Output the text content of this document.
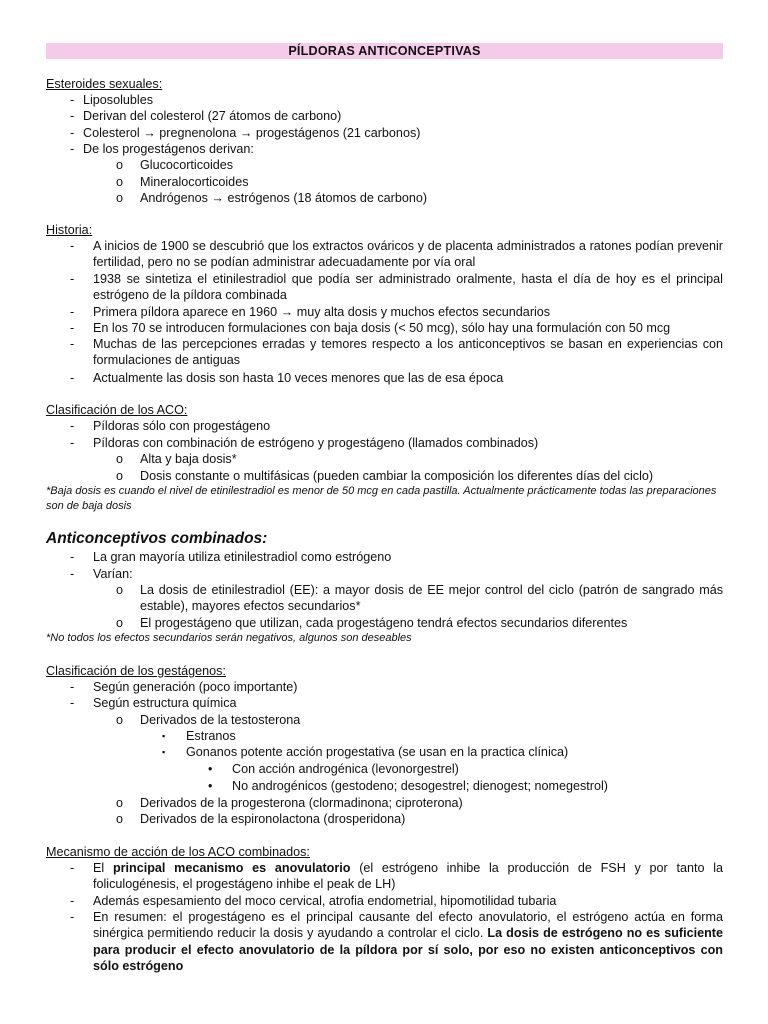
PÍLDORAS ANTICONCEPTIVAS
Esteroides sexuales:
- Liposolubles
- Derivan del colesterol (27 átomos de carbono)
- Colesterol → pregnenolona → progestágenos (21 carbonos)
- De los progestágenos derivan:
o Glucocorticoides
o Mineralocorticoides
o Andrógenos → estrógenos (18 átomos de carbono)
Historia:
- A inicios de 1900 se descubrió que los extractos ováricos y de placenta administrados a ratones podían prevenir fertilidad, pero no se podían administrar adecuadamente por vía oral
- 1938 se sintetiza el etinilestradiol que podía ser administrado oralmente, hasta el día de hoy es el principal estrógeno de la píldora combinada
- Primera píldora aparece en 1960 → muy alta dosis y muchos efectos secundarios
- En los 70 se introducen formulaciones con baja dosis (< 50 mcg), sólo hay una formulación con 50 mcg
- Muchas de las percepciones erradas y temores respecto a los anticonceptivos se basan en experiencias con formulaciones de antiguas
- Actualmente las dosis son hasta 10 veces menores que las de esa época
Clasificación de los ACO:
- Píldoras sólo con progestágeno
- Píldoras con combinación de estrógeno y progestágeno (llamados combinados)
o Alta y baja dosis*
o Dosis constante o multifásicas (pueden cambiar la composición los diferentes días del ciclo)
*Baja dosis es cuando el nivel de etinilestradiol es menor de 50 mcg en cada pastilla. Actualmente prácticamente todas las preparaciones son de baja dosis
Anticonceptivos combinados:
- La gran mayoría utiliza etinilestradiol como estrógeno
- Varían:
o La dosis de etinilestradiol (EE): a mayor dosis de EE mejor control del ciclo (patrón de sangrado más estable), mayores efectos secundarios*
o El progestágeno que utilizan, cada progestágeno tendrá efectos secundarios diferentes
*No todos los efectos secundarios serán negativos, algunos son deseables
Clasificación de los gestágenos:
- Según generación (poco importante)
- Según estructura química
o Derivados de la testosterona
▪ Estranos
▪ Gonanos potente acción progestativa (se usan en la practica clínica)
• Con acción androgénica (levonorgestrel)
• No androgénicos (gestodeno; desogestrel; dienogest; nomegestrol)
o Derivados de la progesterona (clormadinona; ciproterona)
o Derivados de la espironolactona (drosperidona)
Mecanismo de acción de los ACO combinados:
- El principal mecanismo es anovulatorio (el estrógeno inhibe la producción de FSH y por tanto la foliculogénesis, el progestágeno inhibe el peak de LH)
- Además espesamiento del moco cervical, atrofia endometrial, hipomotilidad tubaria
- En resumen: el progestágeno es el principal causante del efecto anovulatorio, el estrógeno actúa en forma sinérgica permitiendo reducir la dosis y ayudando a controlar el ciclo. La dosis de estrógeno no es suficiente para producir el efecto anovulatorio de la píldora por sí solo, por eso no existen anticonceptivos con sólo estrógeno
